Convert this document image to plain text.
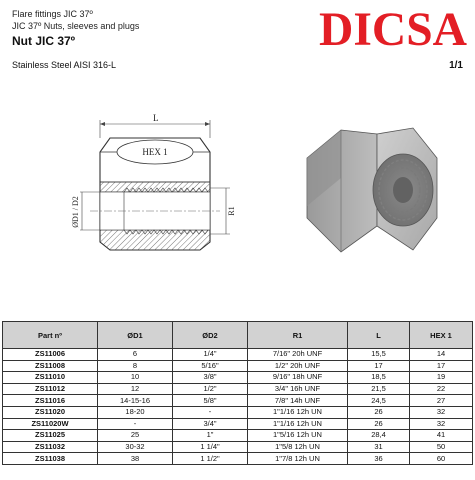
Flare fittings JIC 37º
JIC 37º Nuts, sleeves and plugs
Nut JIC 37º
Stainless Steel AISI 316-L	1/1
DICSA
L
HEX 1
ØD1 / D2	R1
Part nº	ØD1	ØD2	R1	L	HEX 1
ZS11006	6	1/4"	7/16" 20h UNF	15,5	14
ZS11008	8	5/16"	1/2" 20h UNF	17	17
ZS11010	10	3/8"	9/16" 18h UNF	18,5	19
ZS11012	12	1/2"	3/4" 16h UNF	21,5	22
ZS11016	14-15-16	5/8"	7/8" 14h UNF	24,5	27
ZS11020	18-20	-	1"1/16 12h UN	26	32
ZS11020W	-	3/4"	1"1/16 12h UN	26	32
ZS11025	25	1"	1"5/16 12h UN	28,4	41
ZS11032	30-32	1 1/4"	1"5/8 12h UN	31	50
ZS11038	38	1 1/2"	1"7/8 12h UN	36	60
